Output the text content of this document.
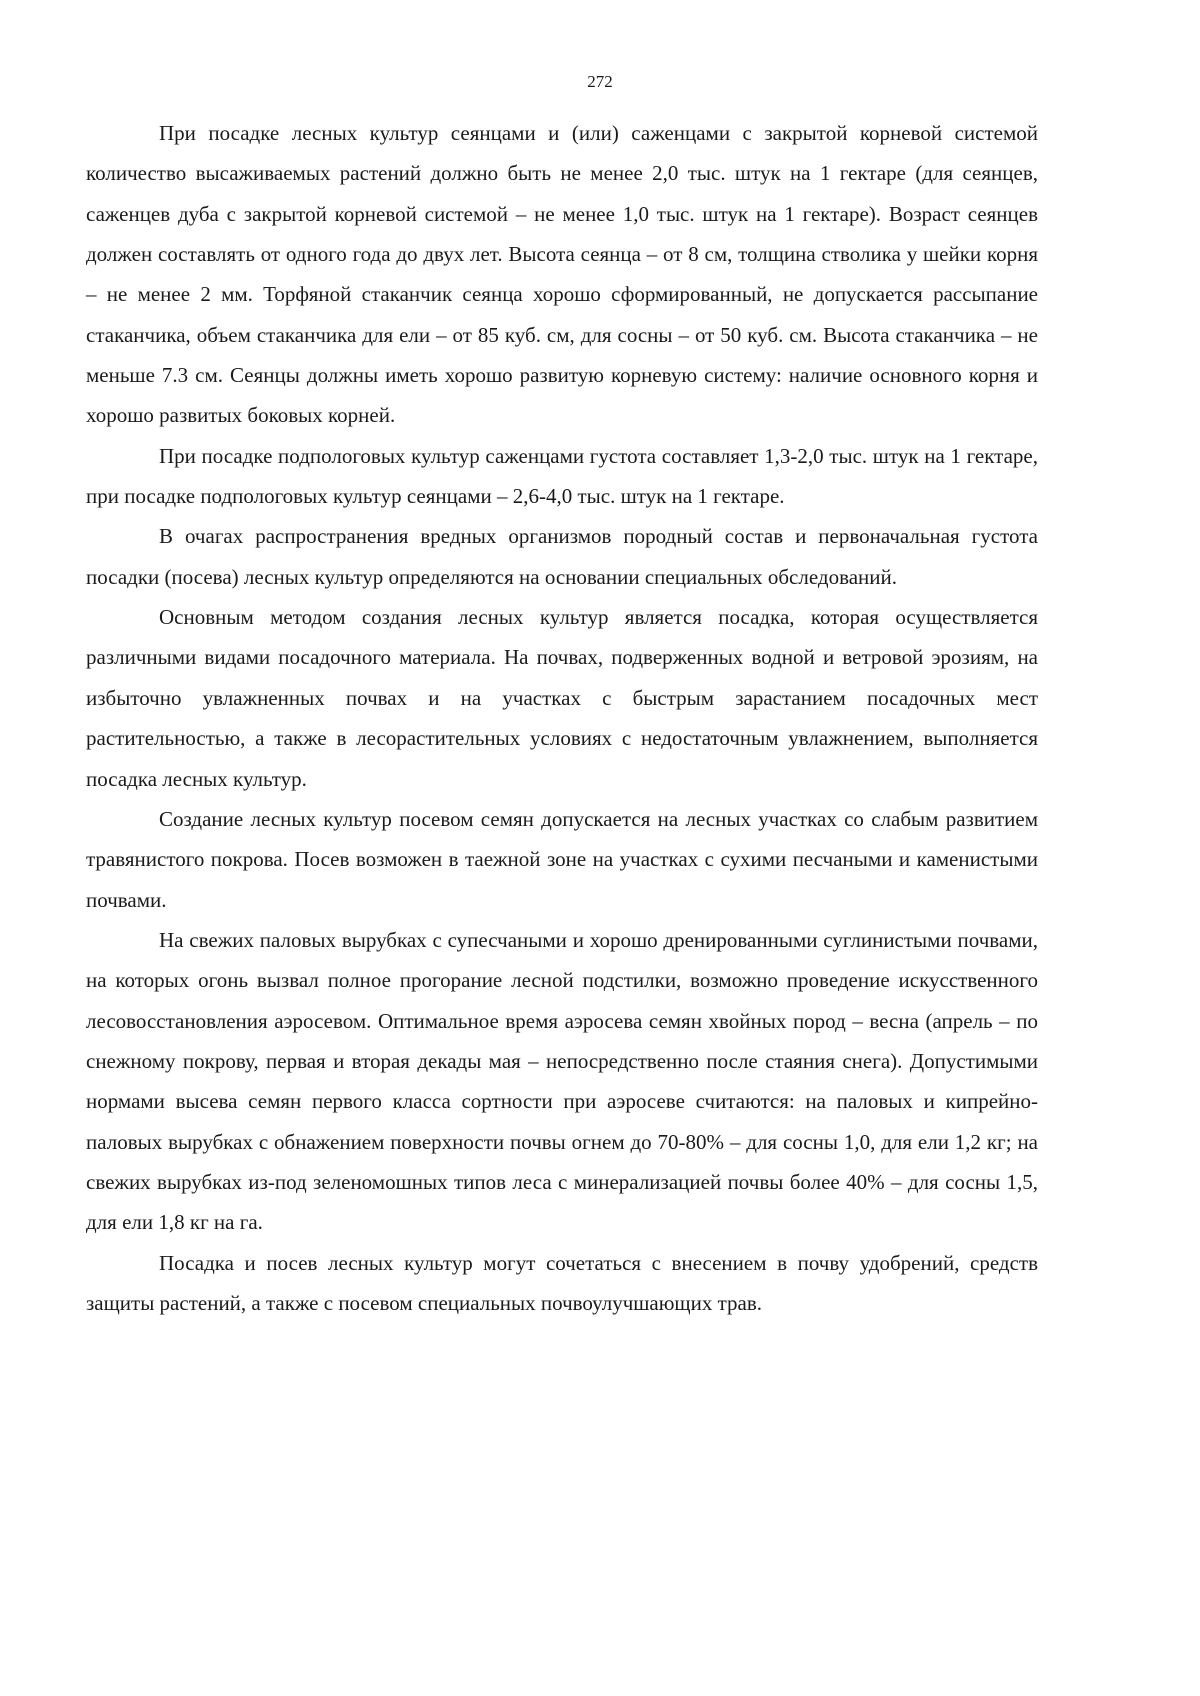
272

При посадке лесных культур сеянцами и (или) саженцами с закрытой корневой системой количество высаживаемых растений должно быть не менее 2,0 тыс. штук на 1 гектаре (для сеянцев, саженцев дуба с закрытой корневой системой – не менее 1,0 тыс. штук на 1 гектаре). Возраст сеянцев должен составлять от одного года до двух лет. Высота сеянца – от 8 см, толщина стволика у шейки корня – не менее 2 мм. Торфяной стаканчик сеянца хорошо сформированный, не допускается рассыпание стаканчика, объем стаканчика для ели – от 85 куб. см, для сосны – от 50 куб. см. Высота стаканчика – не меньше 7.3 см. Сеянцы должны иметь хорошо развитую корневую систему: наличие основного корня и хорошо развитых боковых корней.

При посадке подпологовых культур саженцами густота составляет 1,3-2,0 тыс. штук на 1 гектаре, при посадке подпологовых культур сеянцами – 2,6-4,0 тыс. штук на 1 гектаре.

В очагах распространения вредных организмов породный состав и первоначальная густота посадки (посева) лесных культур определяются на основании специальных обследований.

Основным методом создания лесных культур является посадка, которая осуществляется различными видами посадочного материала. На почвах, подверженных водной и ветровой эрозиям, на избыточно увлажненных почвах и на участках с быстрым зарастанием посадочных мест растительностью, а также в лесорастительных условиях с недостаточным увлажнением, выполняется посадка лесных культур.

Создание лесных культур посевом семян допускается на лесных участках со слабым развитием травянистого покрова. Посев возможен в таежной зоне на участках с сухими песчаными и каменистыми почвами.

На свежих паловых вырубках с супесчаными и хорошо дренированными суглинистыми почвами, на которых огонь вызвал полное прогорание лесной подстилки, возможно проведение искусственного лесовосстановления аэросевом. Оптимальное время аэросева семян хвойных пород – весна (апрель – по снежному покрову, первая и вторая декады мая – непосредственно после стаяния снега). Допустимыми нормами высева семян первого класса сортности при аэросеве считаются: на паловых и кипрейно-паловых вырубках с обнажением поверхности почвы огнем до 70-80% – для сосны 1,0, для ели 1,2 кг; на свежих вырубках из-под зеленомошных типов леса с минерализацией почвы более 40% – для сосны 1,5, для ели 1,8 кг на га.

Посадка и посев лесных культур могут сочетаться с внесением в почву удобрений, средств защиты растений, а также с посевом специальных почвоулучшающих трав.
